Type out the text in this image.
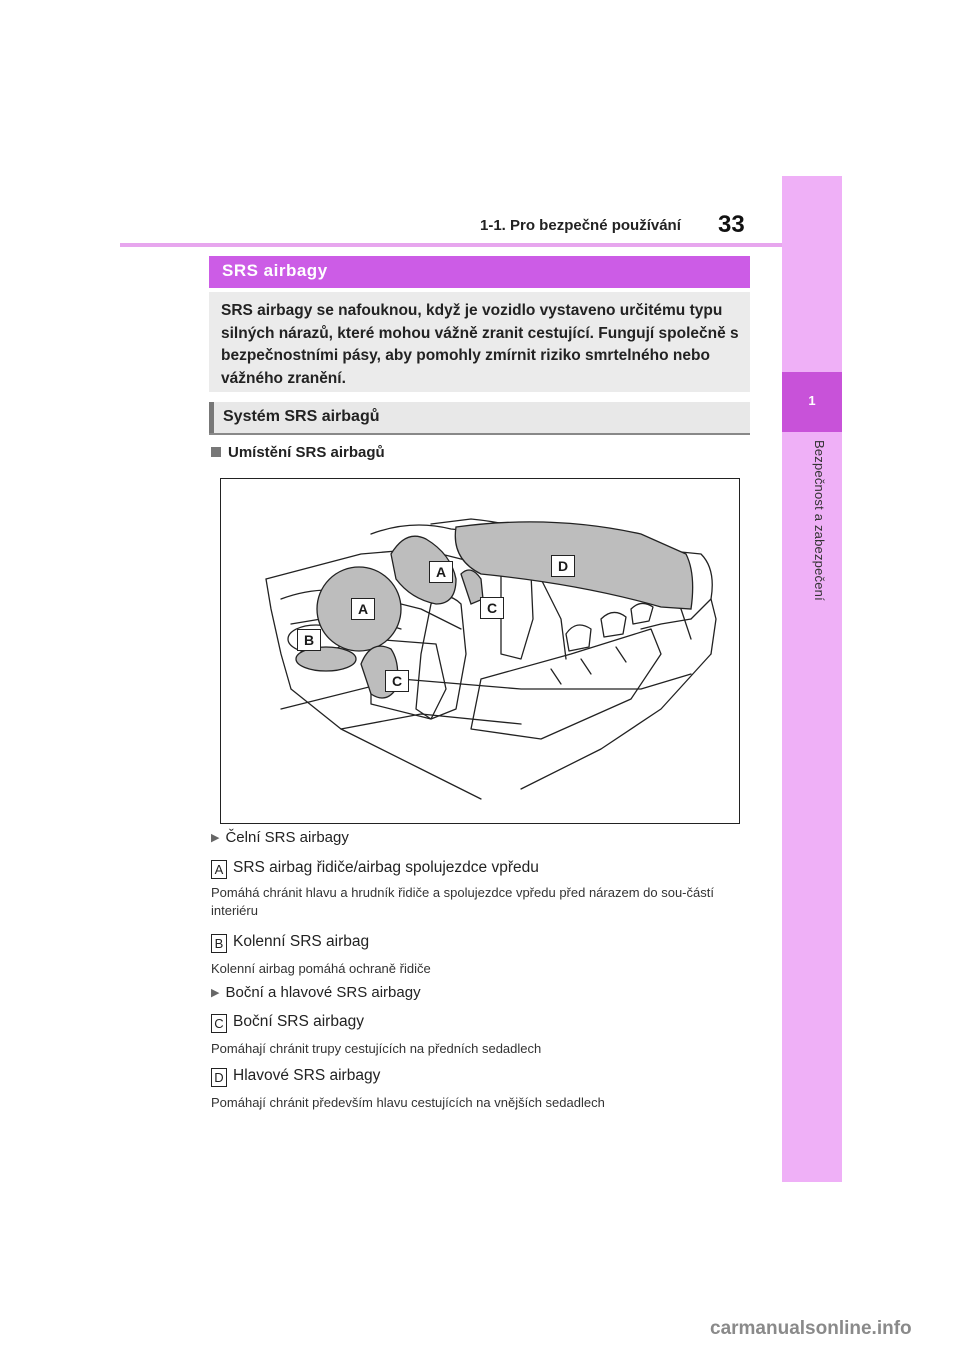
1-1. Pro bezpečné používání 33
1
Bezpečnost a zabezpečení
SRS airbagy
SRS airbagy se nafouknou, když je vozidlo vystaveno určitému typu silných nárazů, které mohou vážně zranit cestující. Fungují společně s bezpečnostními pásy, aby pomohly zmírnit riziko smrtelného nebo vážného zranění.
Systém SRS airbagů
Umístění SRS airbagů
A
A
B
C
C
D
▶ Čelní SRS airbagy
A SRS airbag řidiče/airbag spolujezdce vpředu
Pomáhá chránit hlavu a hrudník řidiče a spolujezdce vpředu před nárazem do sou-částí interiéru
B Kolenní SRS airbag
Kolenní airbag pomáhá ochraně řidiče
▶ Boční a hlavové SRS airbagy
C Boční SRS airbagy
Pomáhají chránit trupy cestujících na předních sedadlech
D Hlavové SRS airbagy
Pomáhají chránit především hlavu cestujících na vnějších sedadlech
carmanualsonline.info
